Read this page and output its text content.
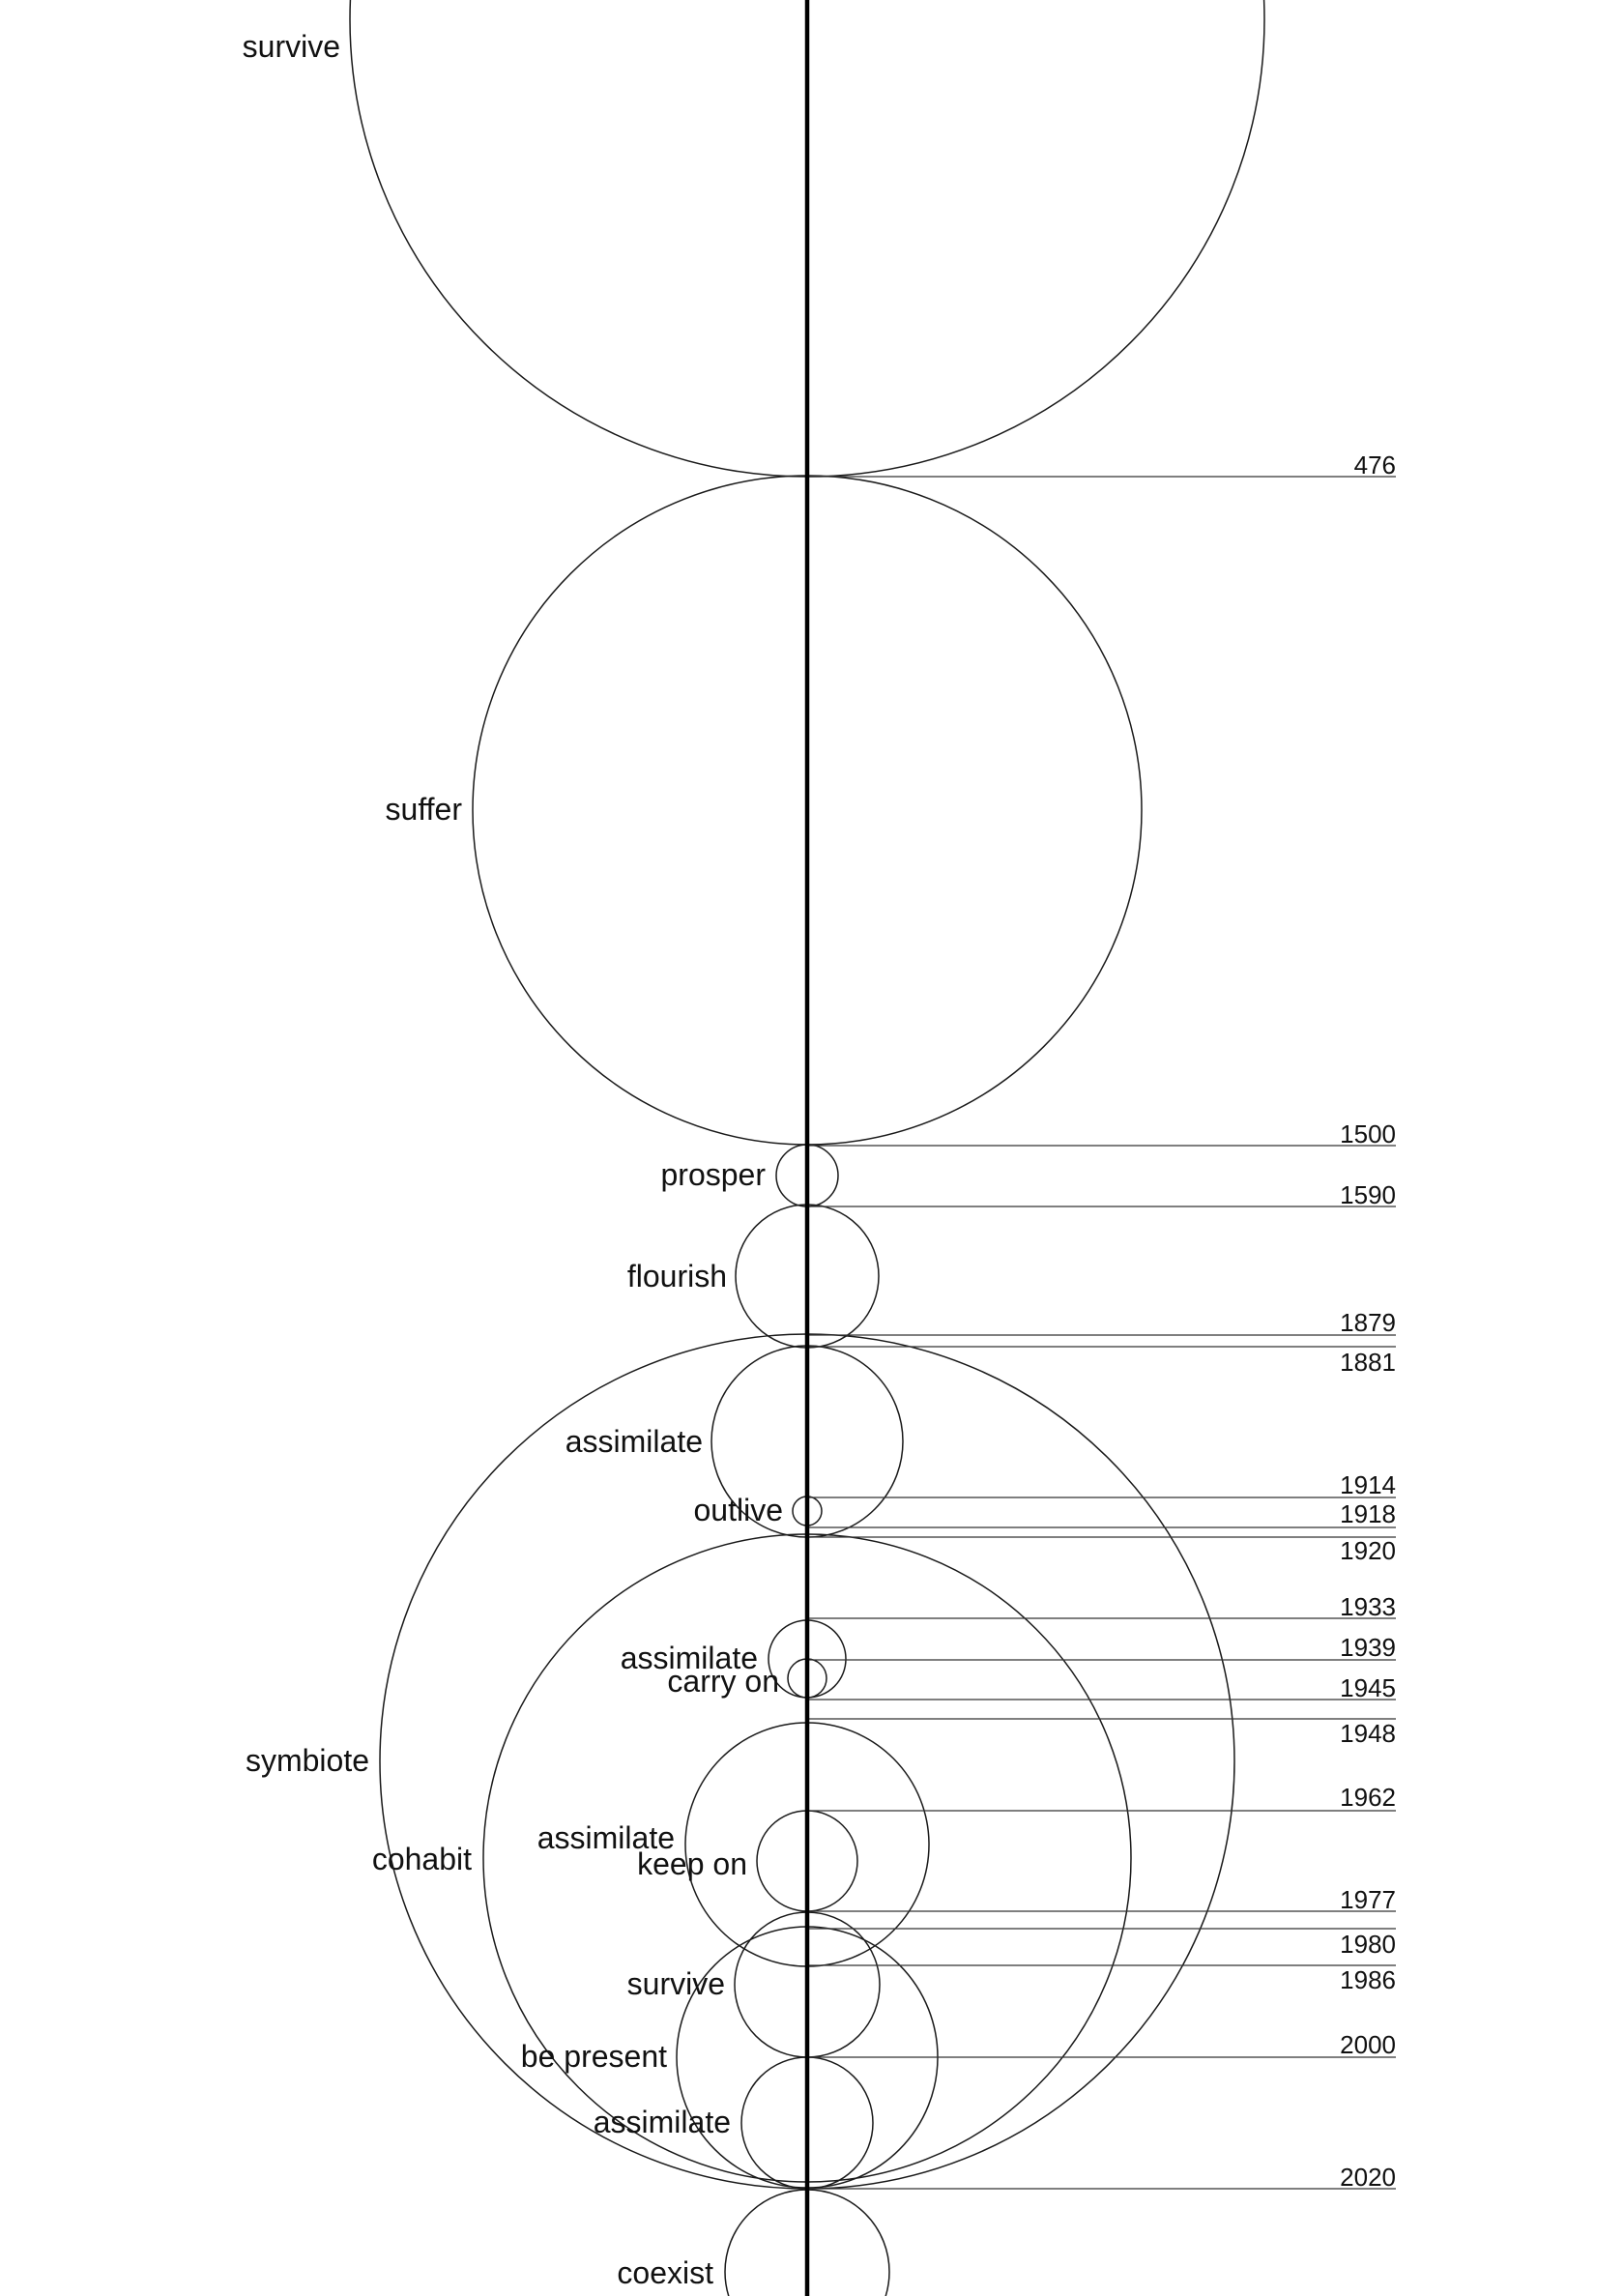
survive
suffer
prosper
flourish
symbiote
assimilate
outlive
cohabit
assimilate
carry on
assimilate
keep on
survive
be present
assimilate
coexist
476
1500
1590
1879
1881
1914
1918
1920
1933
1939
1945
1948
1962
1977
1980
1986
2000
2020
